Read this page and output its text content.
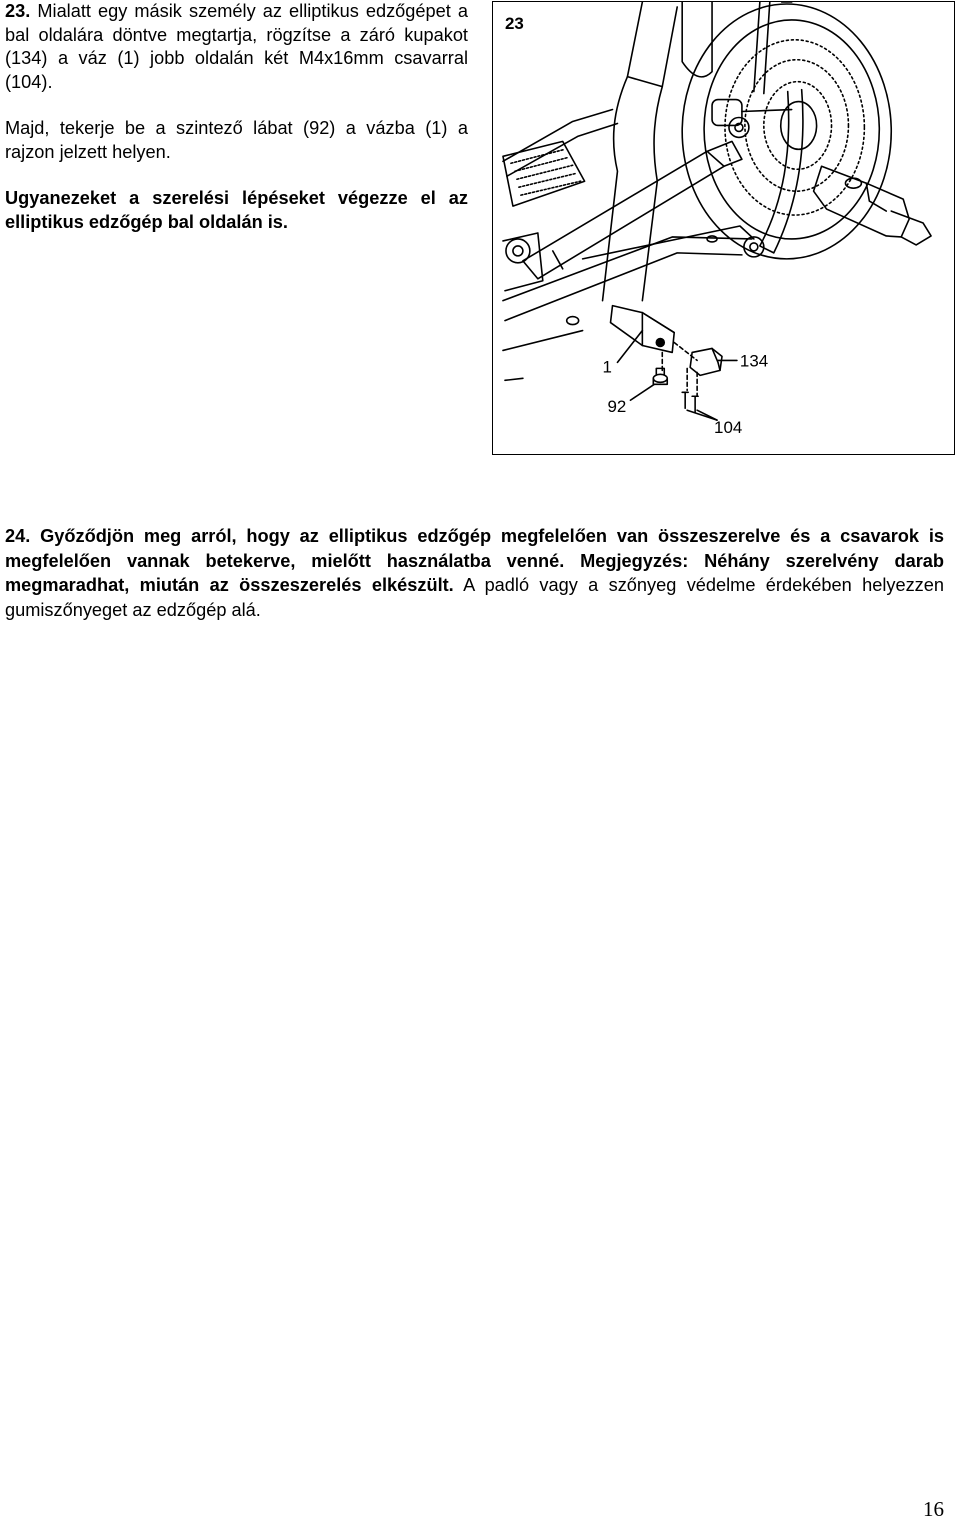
23. Mialatt egy másik személy az elliptikus edzőgépet a bal oldalára döntve megtartja, rögzítse a záró kupakot (134) a váz (1) jobb oldalán két M4x16mm csavarral (104).

Majd, tekerje be a szintező lábat (92) a vázba (1) a rajzon jelzett helyen.

Ugyanezeket a szerelési lépéseket végezze el az elliptikus edzőgép bal oldalán is.

23
1	134
92
104

24. Győződjön meg arról, hogy az elliptikus edzőgép megfelelően van összeszerelve és a csavarok is megfelelően vannak betekerve, mielőtt használatba venné. Megjegyzés: Néhány szerelvény darab megmaradhat, miután az összeszerelés elkészült. A padló vagy a szőnyeg védelme érdekében helyezzen gumiszőnyeget az edzőgép alá.

16
